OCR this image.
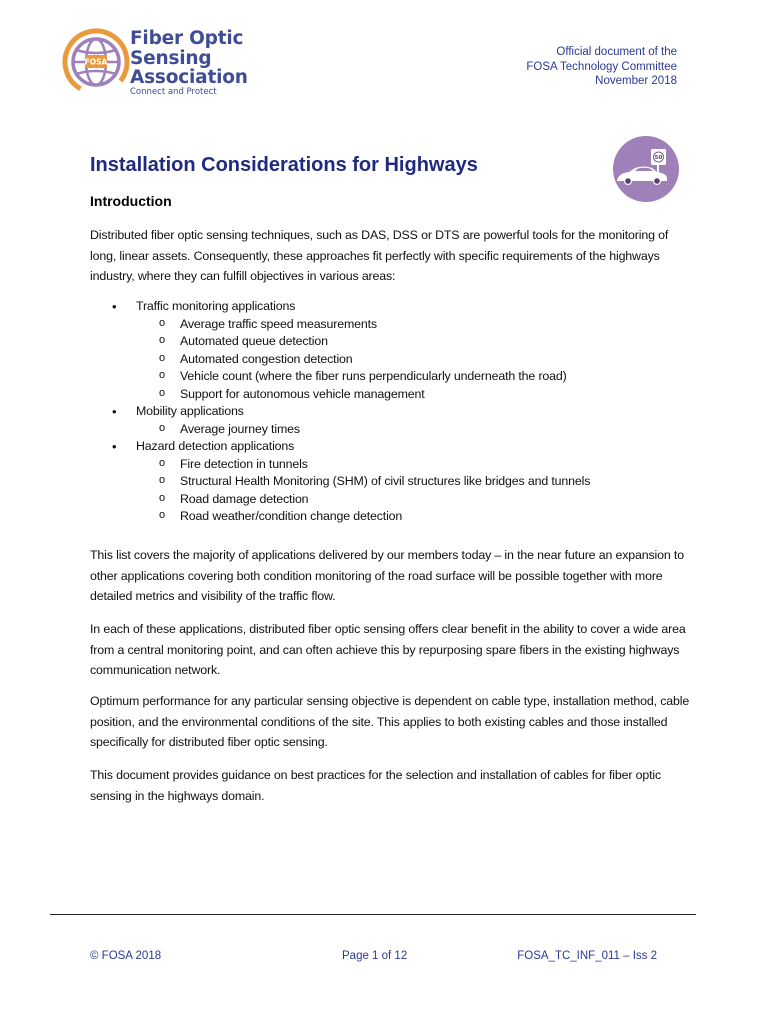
FOSA
Fiber Optic
Sensing
Association
Connect and Protect
Official document of the
FOSA Technology Committee
November 2018
50
Installation Considerations for Highways
Introduction

Distributed fiber optic sensing techniques, such as DAS, DSS or DTS are powerful tools for the monitoring of long, linear assets. Consequently, these approaches fit perfectly with specific requirements of the highways industry, where they can fulfill objectives in various areas:

• Traffic monitoring applications
o Average traffic speed measurements
o Automated queue detection
o Automated congestion detection
o Vehicle count (where the fiber runs perpendicularly underneath the road)
o Support for autonomous vehicle management
• Mobility applications
o Average journey times
• Hazard detection applications
o Fire detection in tunnels
o Structural Health Monitoring (SHM) of civil structures like bridges and tunnels
o Road damage detection
o Road weather/condition change detection

This list covers the majority of applications delivered by our members today – in the near future an expansion to other applications covering both condition monitoring of the road surface will be possible together with more detailed metrics and visibility of the traffic flow.

In each of these applications, distributed fiber optic sensing offers clear benefit in the ability to cover a wide area from a central monitoring point, and can often achieve this by repurposing spare fibers in the existing highways communication network.

Optimum performance for any particular sensing objective is dependent on cable type, installation method, cable position, and the environmental conditions of the site. This applies to both existing cables and those installed specifically for distributed fiber optic sensing.

This document provides guidance on best practices for the selection and installation of cables for fiber optic sensing in the highways domain.

© FOSA 2018	Page 1 of 12	FOSA_TC_INF_011 – Iss 2
